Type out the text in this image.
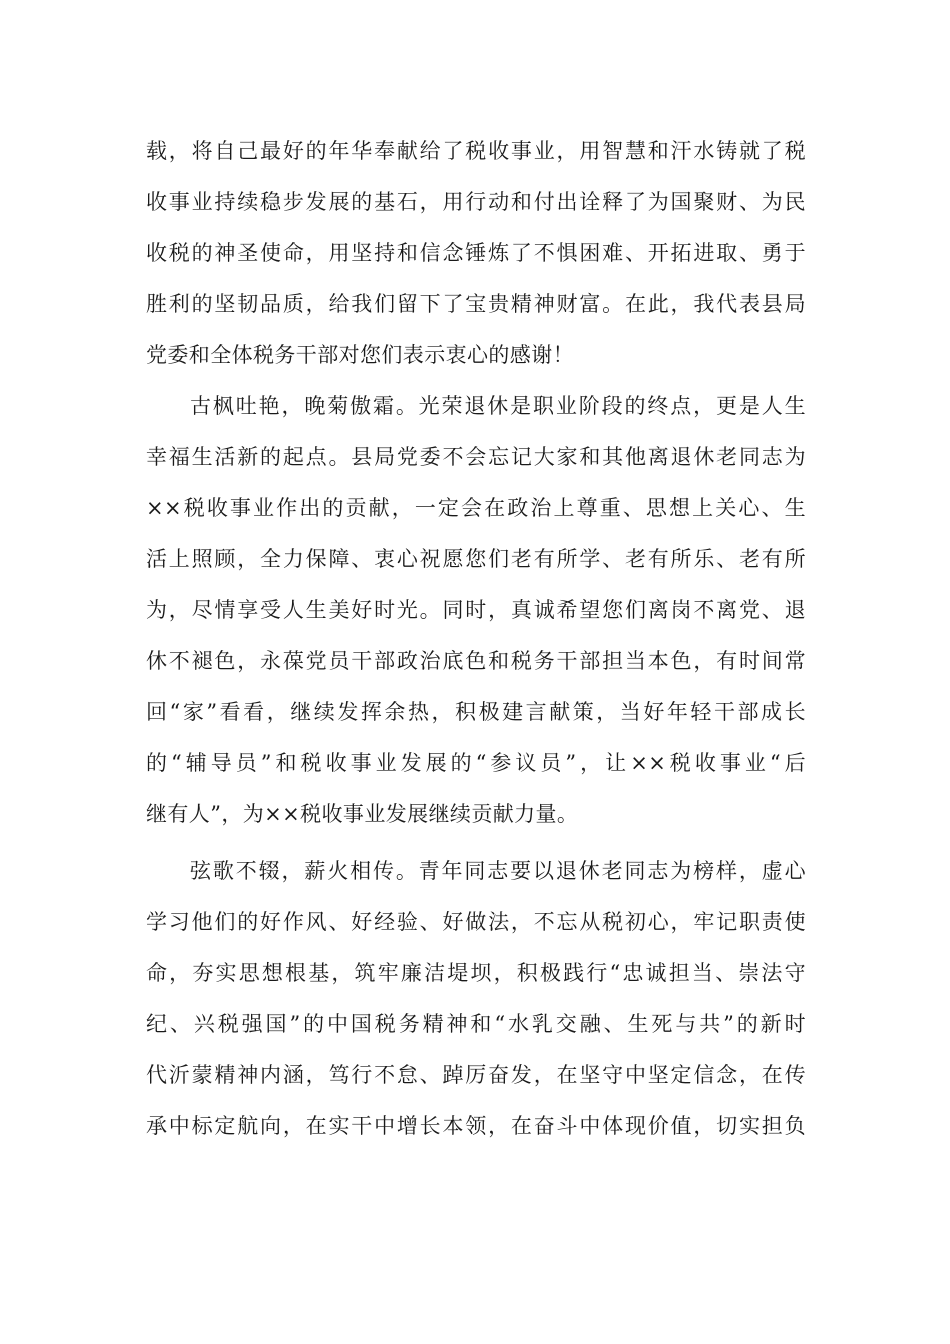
载，将自己最好的年华奉献给了税收事业，用智慧和汗水铸就了税
收事业持续稳步发展的基石，用行动和付出诠释了为国聚财、为民
收税的神圣使命，用坚持和信念锤炼了不惧困难、开拓进取、勇于
胜利的坚韧品质，给我们留下了宝贵精神财富。在此，我代表县局
党委和全体税务干部对您们表示衷心的感谢！
古枫吐艳，晚菊傲霜。光荣退休是职业阶段的终点，更是人生
幸福生活新的起点。县局党委不会忘记大家和其他离退休老同志为
××税收事业作出的贡献，一定会在政治上尊重、思想上关心、生
活上照顾，全力保障、衷心祝愿您们老有所学、老有所乐、老有所
为，尽情享受人生美好时光。同时，真诚希望您们离岗不离党、退
休不褪色，永葆党员干部政治底色和税务干部担当本色，有时间常
回“家”看看，继续发挥余热，积极建言献策，当好年轻干部成长
的“辅导员”和税收事业发展的“参议员”，让××税收事业“后
继有人”，为××税收事业发展继续贡献力量。
弦歌不辍，薪火相传。青年同志要以退休老同志为榜样，虚心
学习他们的好作风、好经验、好做法，不忘从税初心，牢记职责使
命，夯实思想根基，筑牢廉洁堤坝，积极践行“忠诚担当、崇法守
纪、兴税强国”的中国税务精神和“水乳交融、生死与共”的新时
代沂蒙精神内涵，笃行不怠、踔厉奋发，在坚守中坚定信念，在传
承中标定航向，在实干中增长本领，在奋斗中体现价值，切实担负
